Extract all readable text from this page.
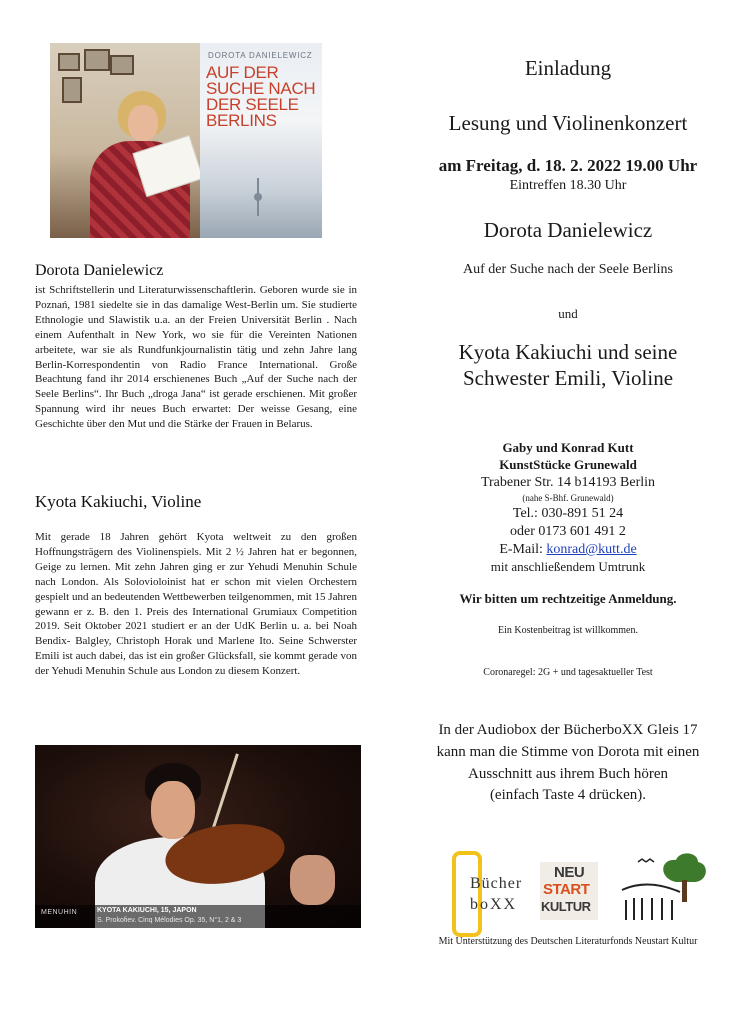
DOROTA DANIELEWICZ
AUF DER
SUCHE NACH
DER SEELE
BERLINS
Dorota Danielewicz
ist Schriftstellerin und Literaturwissenschaftlerin. Geboren wurde sie in Poznań, 1981 siedelte sie in das damalige West-Berlin um. Sie studierte Ethnologie und Slawistik u.a. an der Freien Universität Berlin . Nach einem Aufenthalt in New York, wo sie für die Vereinten Nationen arbeitete, war sie als Rundfunkjournalistin tätig und zehn Jahre lang Berlin-Korrespondentin von Radio France International. Große Beachtung fand ihr 2014 erschienenes Buch „Auf der Suche nach der Seele Berlins“. Ihr Buch „droga Jana“ ist gerade erschienen. Mit großer Spannung wird ihr neues Buch erwartet: Der weisse Gesang, eine Geschichte über den Mut und die Stärke der Frauen in Belarus.
Kyota Kakiuchi, Violine
Mit gerade 18 Jahren gehört Kyota weltweit zu den großen Hoffnungsträgern des Violinenspiels. Mit 2 ½ Jahren hat er begonnen, Geige zu lernen. Mit zehn Jahren ging er zur Yehudi Menuhin Schule nach London. Als Solovioloinist hat er schon mit vielen Orchestern gespielt und an bedeutenden Wettbewerben teilgenommen, mit 15 Jahren gewann er z. B. den 1. Preis des International Grumiaux Competition 2019. Seit Oktober 2021 studiert er an der UdK Berlin u. a. bei Noah Bendix- Balgley, Christoph Horak und Marlene Ito. Seine Schwerster Emili ist auch dabei, das ist ein großer Glücksfall, sie kommt gerade von der Yehudi Menuhin Schule aus London zu diesem Konzert.
MENUHIN	KYOTA KAKIUCHI, 15, JAPON
S. Prokofiev. Cinq Mélodies Op. 35, N°1, 2 & 3
Einladung
Lesung und Violinenkonzert
am Freitag, d. 18. 2. 2022 19.00 Uhr
Eintreffen 18.30 Uhr
Dorota Danielewicz
Auf der Suche nach der Seele Berlins
und
Kyota Kakiuchi und seine
Schwester Emili, Violine
Gaby und Konrad Kutt
KunstStücke Grunewald
Trabener Str. 14 b14193 Berlin
(nahe S-Bhf. Grunewald)
Tel.: 030-891 51 24
oder 0173 601 491 2
E-Mail: konrad@kutt.de
mit anschließendem Umtrunk
Wir bitten um rechtzeitige Anmeldung.
Ein Kostenbeitrag ist willkommen.
Coronaregel: 2G + und tagesaktueller Test
In der Audiobox der BücherboXX Gleis 17
kann man die Stimme von Dorota mit einen
Ausschnitt aus ihrem Buch hören
(einfach Taste 4 drücken).
Bücher
boXX
NEU
START
KULTUR
Mit Unterstützung des Deutschen Literaturfonds Neustart Kultur
